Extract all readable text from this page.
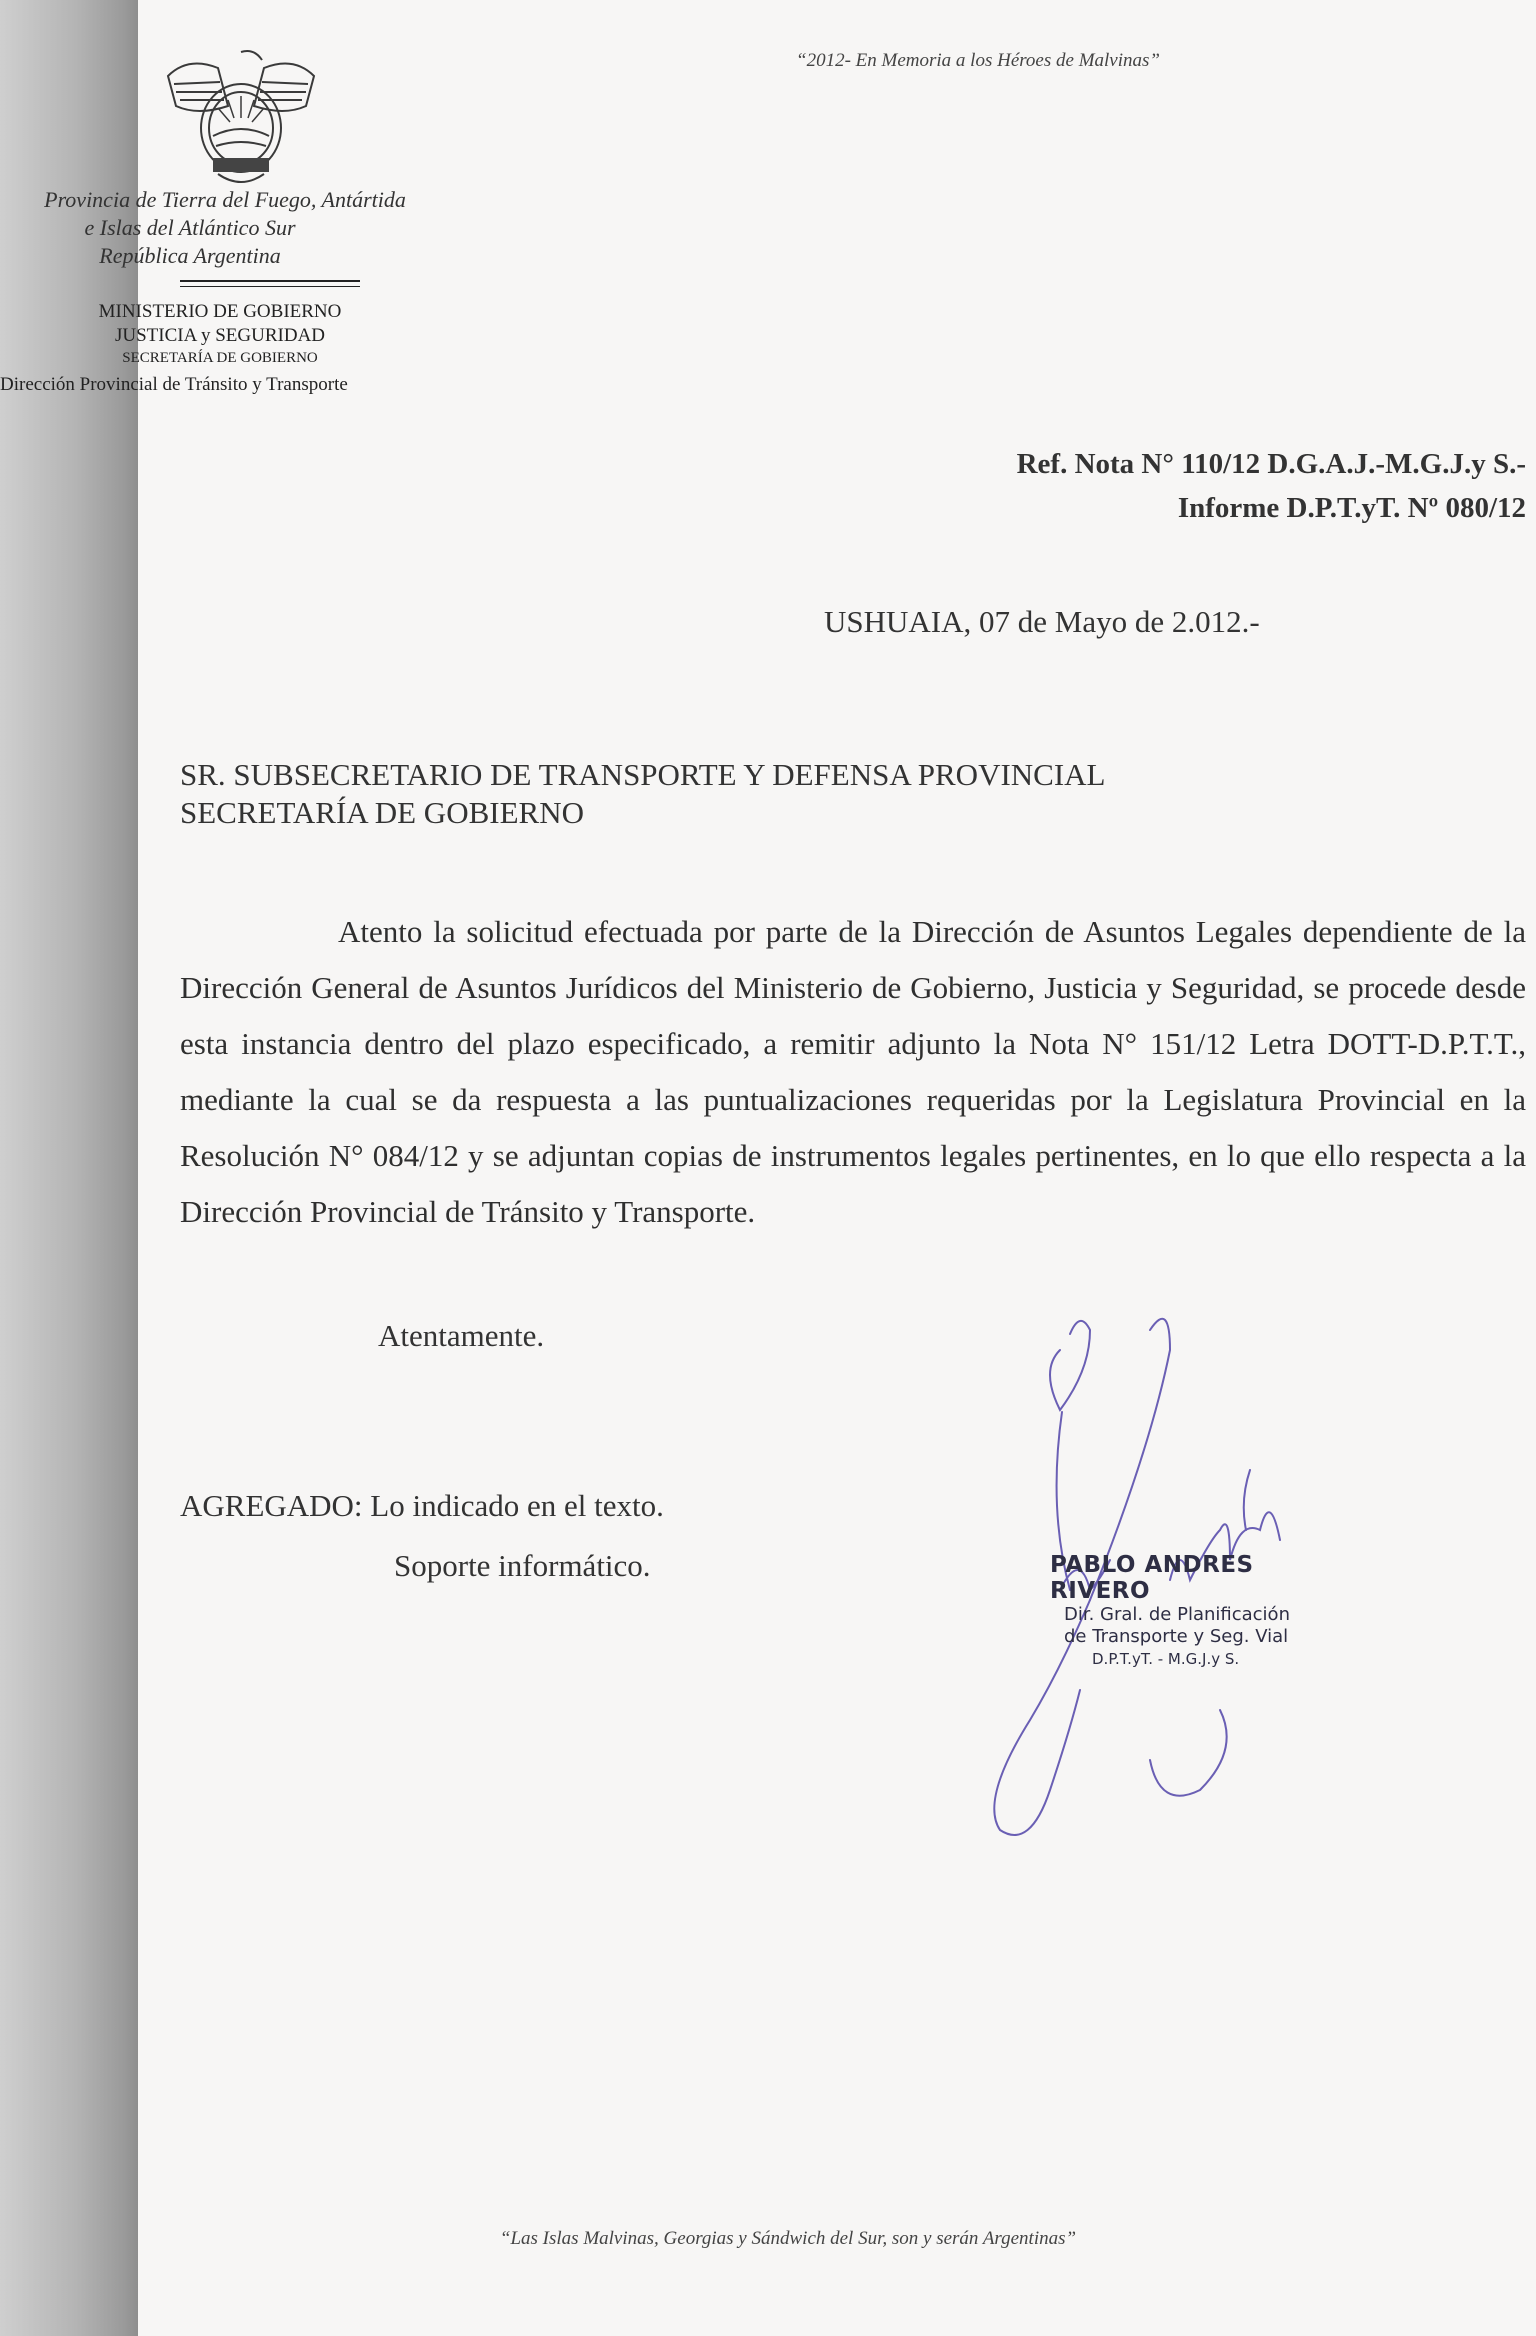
“2012- En Memoria a los Héroes de Malvinas”
Provincia de Tierra del Fuego, Antártida
e Islas del Atlántico Sur
República Argentina
MINISTERIO DE GOBIERNO
JUSTICIA y SEGURIDAD
SECRETARÍA DE GOBIERNO
Dirección Provincial de Tránsito y Transporte
Ref. Nota N° 110/12 D.G.A.J.-M.G.J.y S.-
Informe D.P.T.yT. Nº 080/12
USHUAIA, 07 de Mayo de 2.012.-
SR. SUBSECRETARIO DE TRANSPORTE Y DEFENSA PROVINCIAL
SECRETARÍA DE GOBIERNO
Atento la solicitud efectuada por parte de la Dirección de Asuntos Legales dependiente de la Dirección General de Asuntos Jurídicos del Ministerio de Gobierno, Justicia y Seguridad, se procede desde esta instancia dentro del plazo especificado, a remitir adjunto la Nota N° 151/12 Letra DOTT-D.P.T.T., mediante la cual se da respuesta a las puntualizaciones requeridas por la Legislatura Provincial en la Resolución N° 084/12 y se adjuntan copias de instrumentos legales pertinentes, en lo que ello respecta a la Dirección Provincial de Tránsito y Transporte.
Atentamente.
AGREGADO: Lo indicado en el texto.
Soporte informático.	PABLO ANDRES RIVERO
Dir. Gral. de Planificación
de Transporte y Seg. Vial
D.P.T.yT. - M.G.J.y S.
“Las Islas Malvinas, Georgias y Sándwich del Sur, son y serán Argentinas”
